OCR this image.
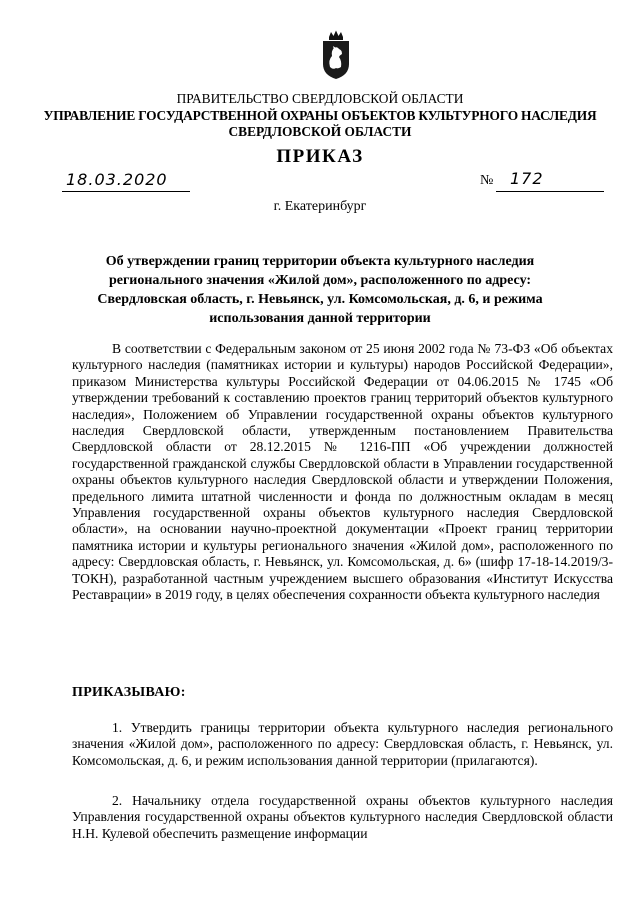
ПРАВИТЕЛЬСТВО СВЕРДЛОВСКОЙ ОБЛАСТИ
УПРАВЛЕНИЕ ГОСУДАРСТВЕННОЙ ОХРАНЫ ОБЪЕКТОВ КУЛЬТУРНОГО НАСЛЕДИЯ
СВЕРДЛОВСКОЙ ОБЛАСТИ
ПРИКАЗ
18.03.2020	№ 172
г. Екатеринбург
Об утверждении границ территории объекта культурного наследия регионального значения «Жилой дом», расположенного по адресу: Свердловская область, г. Невьянск, ул. Комсомольская, д. 6, и режима использования данной территории
В соответствии с Федеральным законом от 25 июня 2002 года № 73-ФЗ «Об объектах культурного наследия (памятниках истории и культуры) народов Российской Федерации», приказом Министерства культуры Российской Федерации от 04.06.2015 № 1745 «Об утверждении требований к составлению проектов границ территорий объектов культурного наследия», Положением об Управлении государственной охраны объектов культурного наследия Свердловской области, утвержденным постановлением Правительства Свердловской области от 28.12.2015 № 1216-ПП «Об учреждении должностей государственной гражданской службы Свердловской области в Управлении государственной охраны объектов культурного наследия Свердловской области и утверждении Положения, предельного лимита штатной численности и фонда по должностным окладам в месяц Управления государственной охраны объектов культурного наследия Свердловской области», на основании научно-проектной документации «Проект границ территории памятника истории и культуры регионального значения «Жилой дом», расположенного по адресу: Свердловская область, г. Невьянск, ул. Комсомольская, д. 6» (шифр 17-18-14.2019/3-ТОКН), разработанной частным учреждением высшего образования «Институт Искусства Реставрации» в 2019 году, в целях обеспечения сохранности объекта культурного наследия
ПРИКАЗЫВАЮ:
1. Утвердить границы территории объекта культурного наследия регионального значения «Жилой дом», расположенного по адресу: Свердловская область, г. Невьянск, ул. Комсомольская, д. 6, и режим использования данной территории (прилагаются).
2. Начальнику отдела государственной охраны объектов культурного наследия Управления государственной охраны объектов культурного наследия Свердловской области Н.Н. Кулевой обеспечить размещение информации
